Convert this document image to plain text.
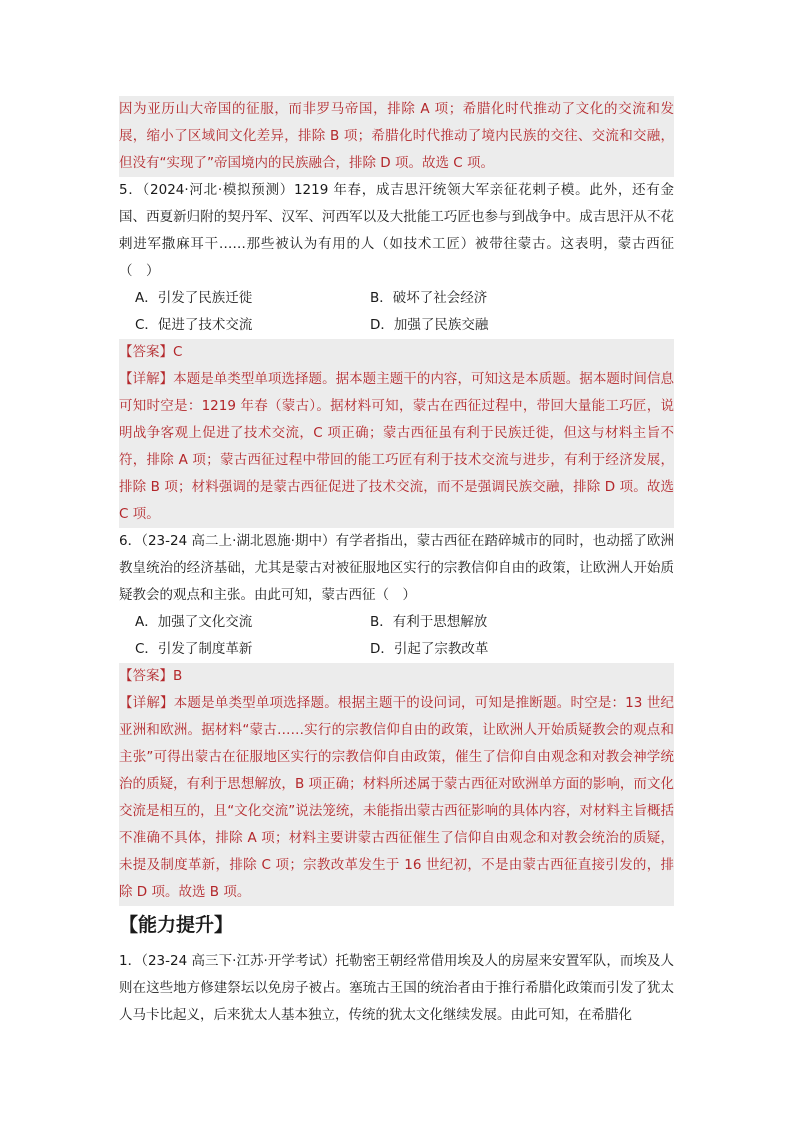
因为亚历山大帝国的征服，而非罗马帝国，排除 A 项；希腊化时代推动了文化的交流和发展，缩小了区域间文化差异，排除 B 项；希腊化时代推动了境内民族的交往、交流和交融，但没有“实现了”帝国境内的民族融合，排除 D 项。故选 C 项。

5．（2024·河北·模拟预测）1219 年春，成吉思汗统领大军亲征花剌子模。此外，还有金国、西夏新归附的契丹军、汉军、河西军以及大批能工巧匠也参与到战争中。成吉思汗从不花剌进军撒麻耳干……那些被认为有用的人（如技术工匠）被带往蒙古。这表明，蒙古西征（　）

A．引发了民族迁徙	B．破坏了社会经济
C．促进了技术交流	D．加强了民族交融

【答案】C

【详解】本题是单类型单项选择题。据本题主题干的内容，可知这是本质题。据本题时间信息可知时空是：1219 年春（蒙古）。据材料可知，蒙古在西征过程中，带回大量能工巧匠，说明战争客观上促进了技术交流，C 项正确；蒙古西征虽有利于民族迁徙，但这与材料主旨不符，排除 A 项；蒙古西征过程中带回的能工巧匠有利于技术交流与进步，有利于经济发展，排除 B 项；材料强调的是蒙古西征促进了技术交流，而不是强调民族交融，排除 D 项。故选 C 项。

6．（23-24 高二上·湖北恩施·期中）有学者指出，蒙古西征在踏碎城市的同时，也动摇了欧洲教皇统治的经济基础，尤其是蒙古对被征服地区实行的宗教信仰自由的政策，让欧洲人开始质疑教会的观点和主张。由此可知，蒙古西征（　）

A．加强了文化交流	B．有利于思想解放
C．引发了制度革新	D．引起了宗教改革

【答案】B

【详解】本题是单类型单项选择题。根据主题干的设问词，可知是推断题。时空是：13 世纪亚洲和欧洲。据材料“蒙古……实行的宗教信仰自由的政策，让欧洲人开始质疑教会的观点和主张”可得出蒙古在征服地区实行的宗教信仰自由政策，催生了信仰自由观念和对教会神学统治的质疑，有利于思想解放，B 项正确；材料所述属于蒙古西征对欧洲单方面的影响，而文化交流是相互的，且“文化交流”说法笼统，未能指出蒙古西征影响的具体内容，对材料主旨概括不准确不具体，排除 A 项；材料主要讲蒙古西征催生了信仰自由观念和对教会统治的质疑，未提及制度革新，排除 C 项；宗教改革发生于 16 世纪初，不是由蒙古西征直接引发的，排除 D 项。故选 B 项。

【能力提升】

1．（23-24 高三下·江苏·开学考试）托勒密王朝经常借用埃及人的房屋来安置军队，而埃及人则在这些地方修建祭坛以免房子被占。塞琉古王国的统治者由于推行希腊化政策而引发了犹太人马卡比起义，后来犹太人基本独立，传统的犹太文化继续发展。由此可知，在希腊化
